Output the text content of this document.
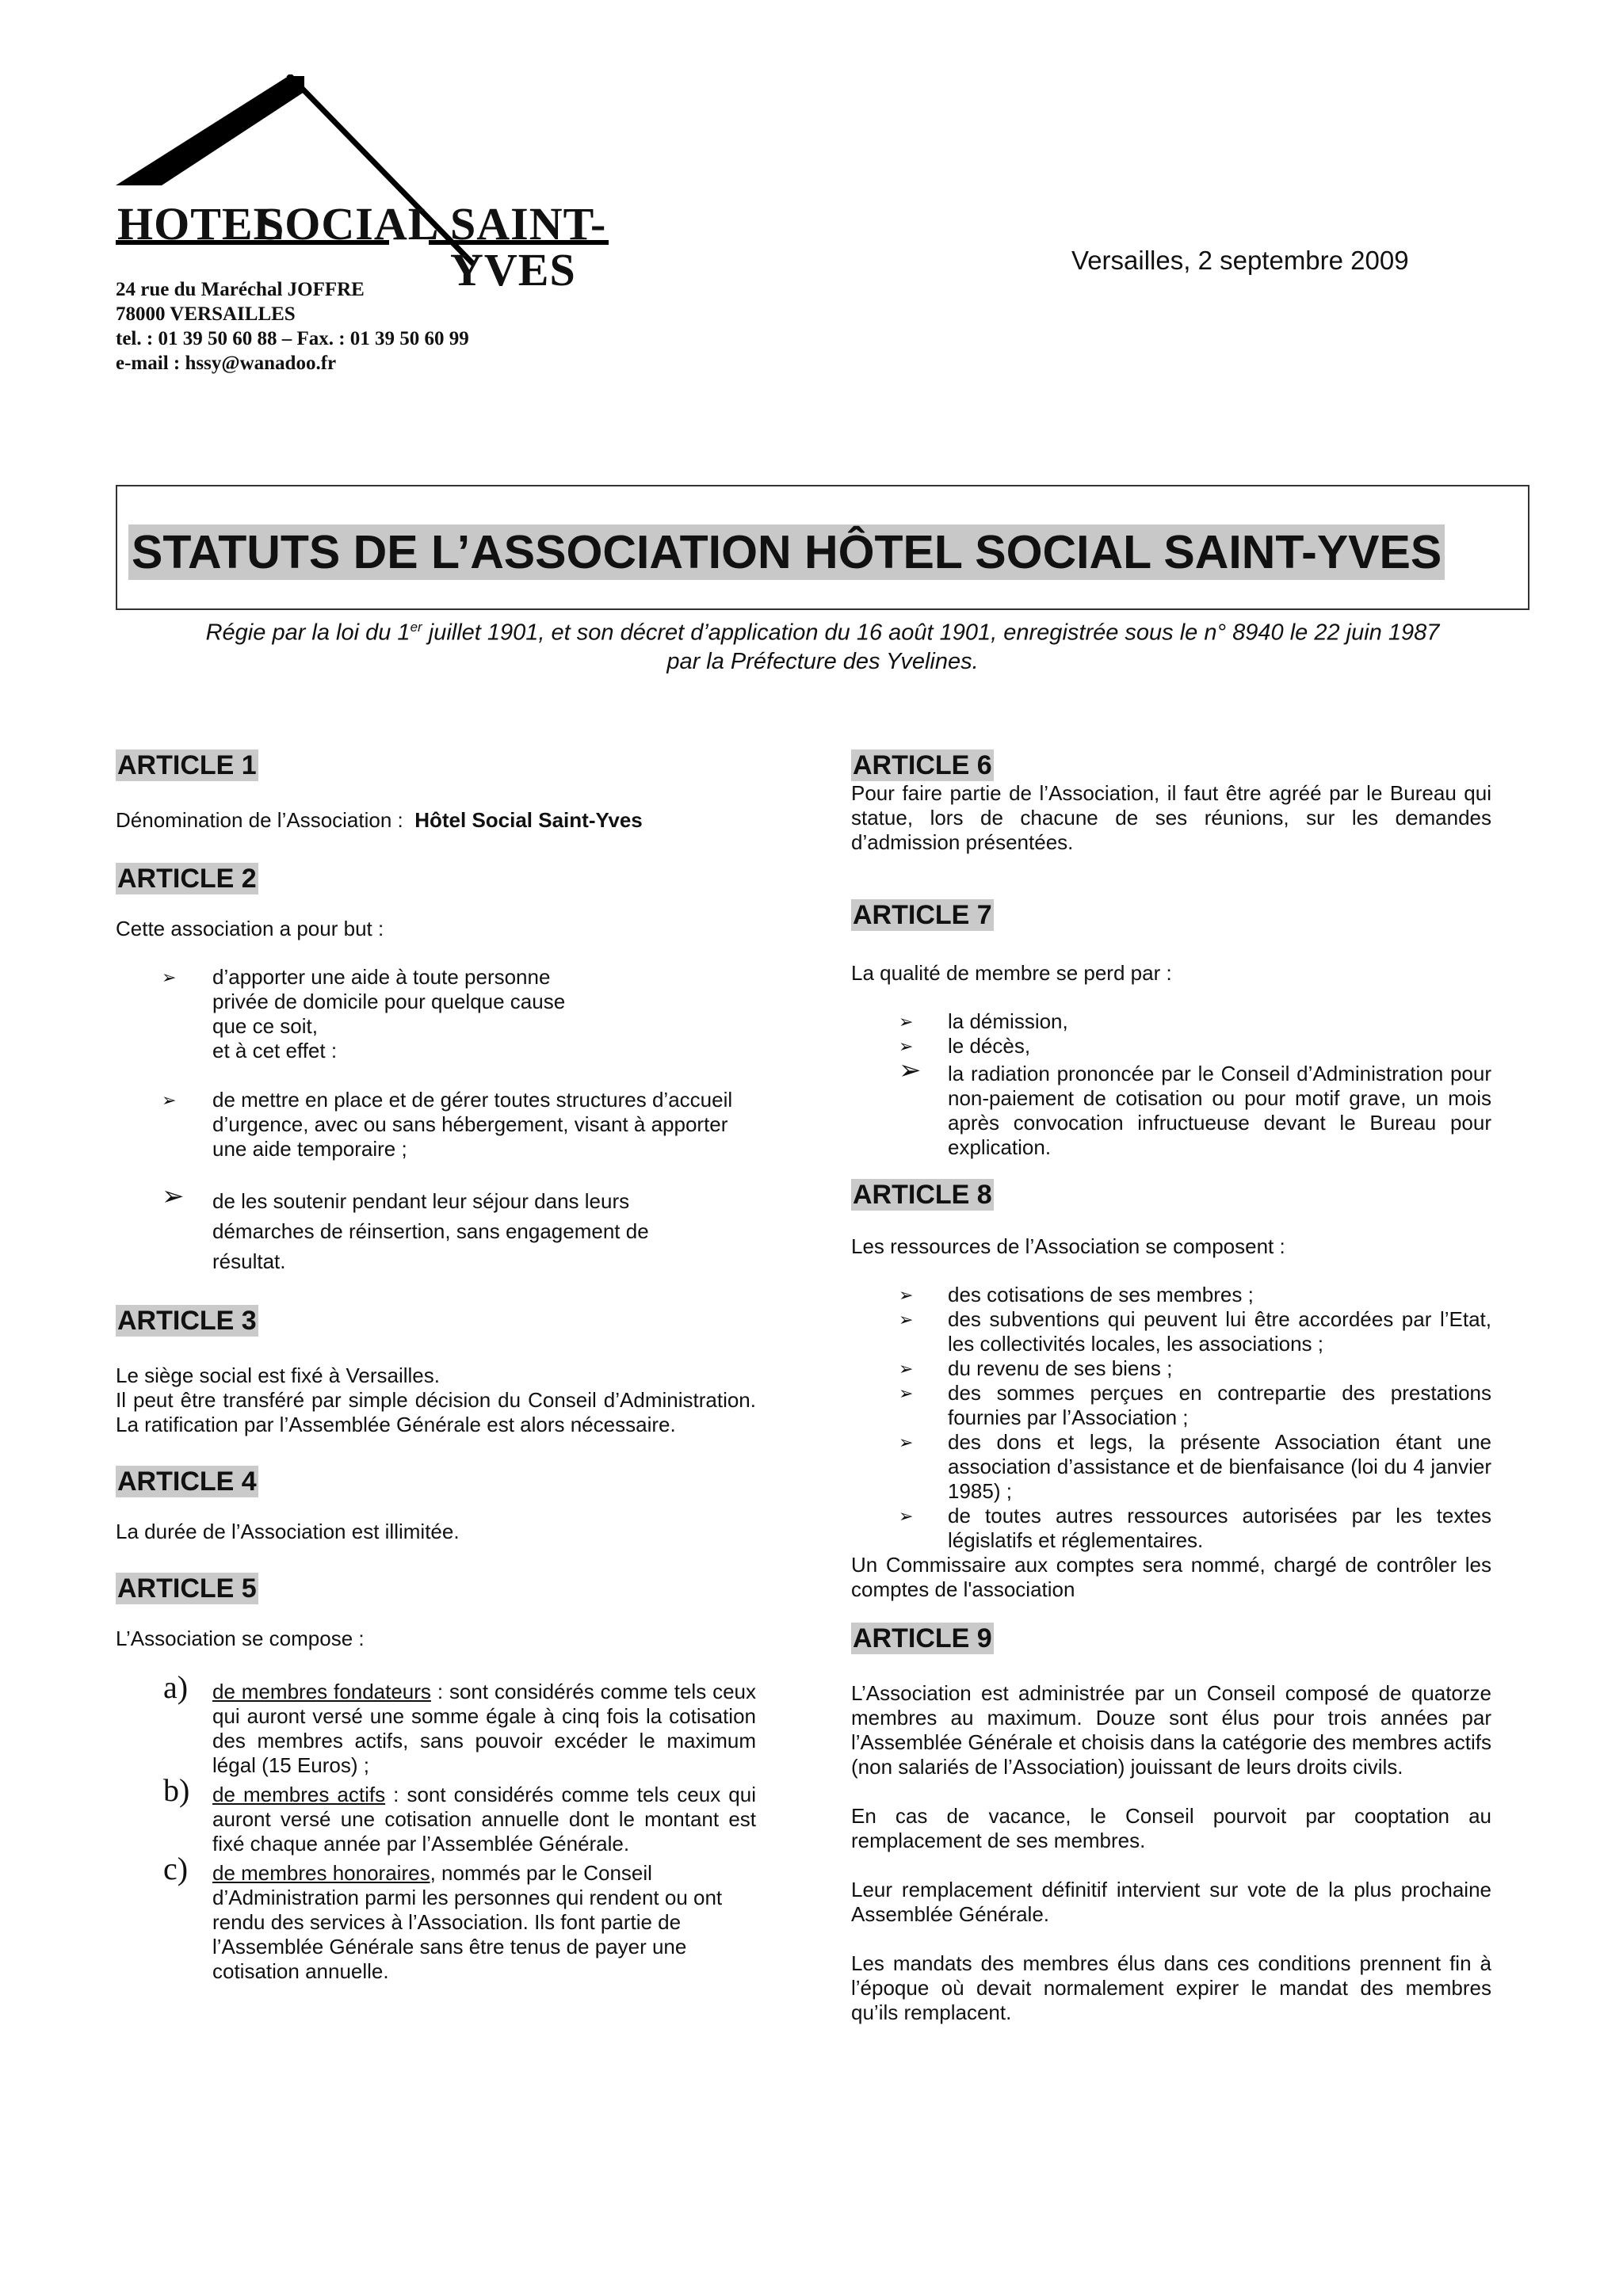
HOTEL
SOCIAL SAINT-YVES
24 rue du Maréchal JOFFRE
78000 VERSAILLES
tel. : 01 39 50 60 88 – Fax. : 01 39 50 60 99
e-mail : hssy@wanadoo.fr
Versailles, 2 septembre 2009
STATUTS DE L’ASSOCIATION HÔTEL SOCIAL SAINT-YVES
Régie par la loi du 1er juillet 1901, et son décret d’application du 16 août 1901, enregistrée sous le n° 8940 le 22 juin 1987
par la Préfecture des Yvelines.
ARTICLE 1

Dénomination de l’Association : Hôtel Social Saint-Yves

ARTICLE 2

Cette association a pour but :

➢ d’apporter une aide à toute personne privée de domicile pour quelque cause que ce soit,
et à cet effet :
➢ de mettre en place et de gérer toutes structures d’accueil d’urgence, avec ou sans hébergement, visant à apporter une aide temporaire ;
➢ de les soutenir pendant leur séjour dans leurs démarches de réinsertion, sans engagement de résultat.
ARTICLE 3

Le siège social est fixé à Versailles.

Il peut être transféré par simple décision du Conseil d’Administration. La ratification par l’Assemblée Générale est alors nécessaire.

ARTICLE 4

La durée de l’Association est illimitée.

ARTICLE 5

L’Association se compose :

a) de membres fondateurs : sont considérés comme tels ceux qui auront versé une somme égale à cinq fois la cotisation des membres actifs, sans pouvoir excéder le maximum légal (15 Euros) ;
b) de membres actifs : sont considérés comme tels ceux qui auront versé une cotisation annuelle dont le montant est fixé chaque année par l’Assemblée Générale.
c) de membres honoraires, nommés par le Conseil d’Administration parmi les personnes qui rendent ou ont rendu des services à l’Association. Ils font partie de l’Assemblée Générale sans être tenus de payer une cotisation annuelle.
ARTICLE 6

Pour faire partie de l’Association, il faut être agréé par le Bureau qui statue, lors de chacune de ses réunions, sur les demandes d’admission présentées.

ARTICLE 7

La qualité de membre se perd par :

➢ la démission,
➢ le décès,
➢ la radiation prononcée par le Conseil d’Administration pour non-paiement de cotisation ou pour motif grave, un mois après convocation infructueuse devant le Bureau pour explication.
ARTICLE 8

Les ressources de l’Association se composent :

➢ des cotisations de ses membres ;
➢ des subventions qui peuvent lui être accordées par l’Etat, les collectivités locales, les associations ;
➢ du revenu de ses biens ;
➢ des sommes perçues en contrepartie des prestations fournies par l’Association ;
➢ des dons et legs, la présente Association étant une association d’assistance et de bienfaisance (loi du 4 janvier 1985) ;
➢ de toutes autres ressources autorisées par les textes législatifs et réglementaires.

Un Commissaire aux comptes sera nommé, chargé de contrôler les comptes de l'association

ARTICLE 9

L’Association est administrée par un Conseil composé de quatorze membres au maximum. Douze sont élus pour trois années par l’Assemblée Générale et choisis dans la catégorie des membres actifs (non salariés de l’Association) jouissant de leurs droits civils.

En cas de vacance, le Conseil pourvoit par cooptation au remplacement de ses membres.

Leur remplacement définitif intervient sur vote de la plus prochaine Assemblée Générale.

Les mandats des membres élus dans ces conditions prennent fin à l’époque où devait normalement expirer le mandat des membres qu’ils remplacent.
